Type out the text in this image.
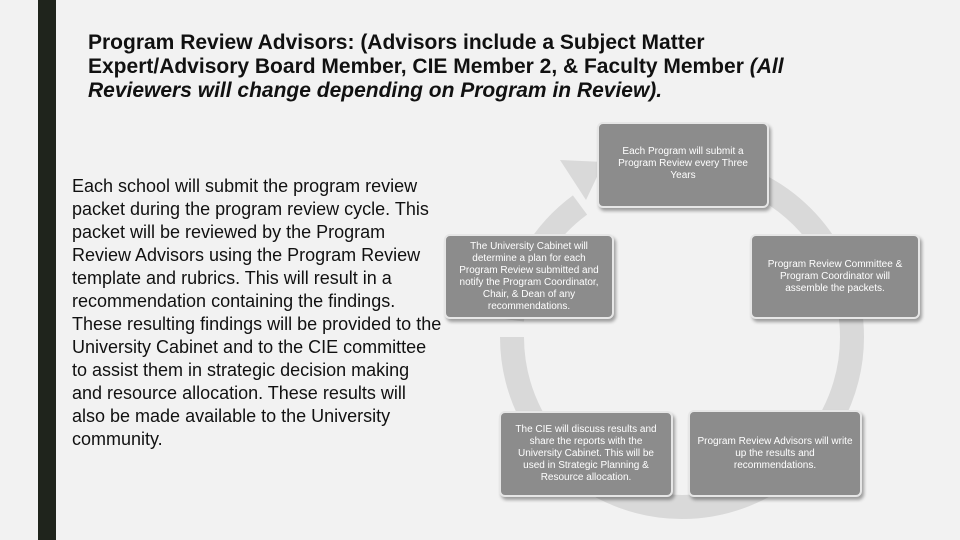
Program Review Advisors: (Advisors include a Subject Matter Expert/Advisory Board Member, CIE Member 2, & Faculty Member (All Reviewers will change depending on Program in Review).

Each school will submit the program review packet during the program review cycle. This packet will be reviewed by the Program Review Advisors using the Program Review template and rubrics. This will result in a recommendation containing the findings. These resulting findings will be provided to the University Cabinet and to the CIE committee to assist them in strategic decision making and resource allocation. These results will also be made available to the University community.

Each Program will submit a Program Review every Three Years
Program Review Committee & Program Coordinator will assemble the packets.
Program Review Advisors will write up the results and recommendations.
The CIE will discuss results and share the reports with the University Cabinet. This will be used in Strategic Planning & Resource allocation.
The University Cabinet will determine a plan for each Program Review submitted and notify the Program Coordinator, Chair, & Dean of any recommendations.
